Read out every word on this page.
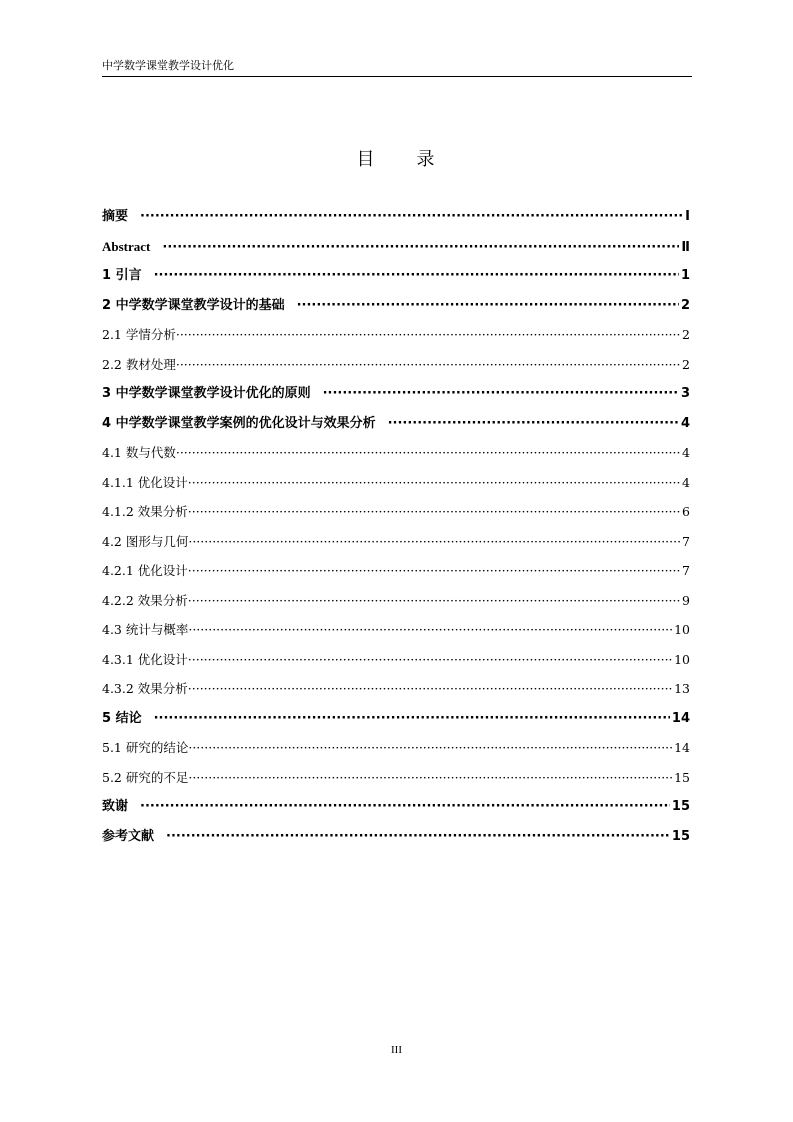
中学数学课堂教学设计优化
目 录
摘要 ·····	Ⅰ
Abstract ·····	Ⅱ
1 引言 ·····	1
2 中学数学课堂教学设计的基础 ·····	2
2.1 学情分析 ·····	2
2.2 教材处理 ·····	2
3 中学数学课堂教学设计优化的原则 ·····	3
4 中学数学课堂教学案例的优化设计与效果分析 ·····	4
4.1 数与代数 ·····	4
4.1.1 优化设计 ·····	4
4.1.2 效果分析 ·····	6
4.2 图形与几何 ·····	7
4.2.1 优化设计 ·····	7
4.2.2 效果分析 ·····	9
4.3 统计与概率 ·····	10
4.3.1 优化设计 ·····	10
4.3.2 效果分析 ·····	13
5 结论 ·····	14
5.1 研究的结论 ·····	14
5.2 研究的不足 ·····	15
致谢 ·····	15
参考文献 ·····	15
III
